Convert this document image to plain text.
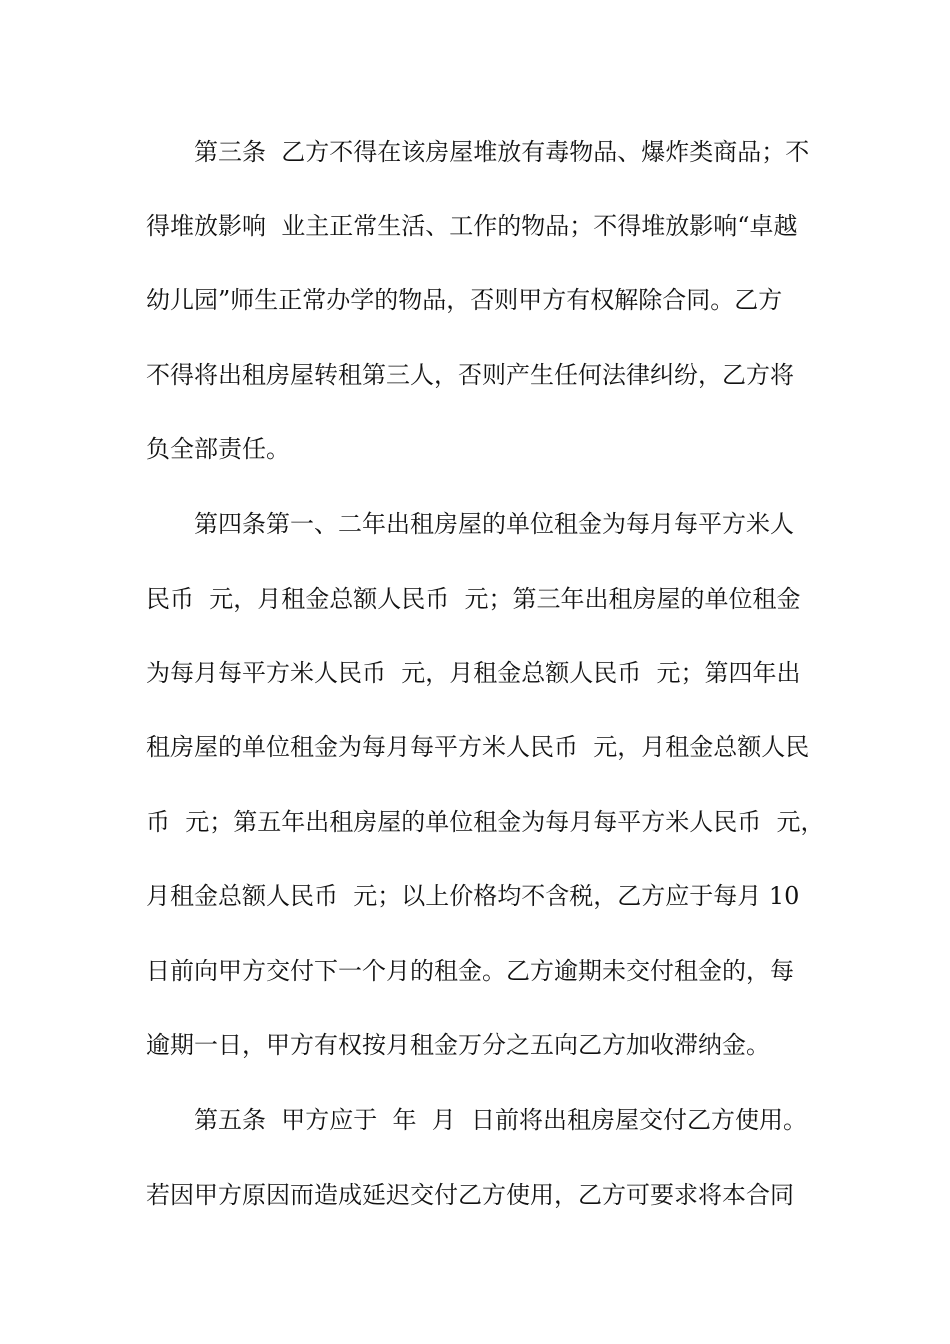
第三条  乙方不得在该房屋堆放有毒物品、爆炸类商品；不

得堆放影响  业主正常生活、工作的物品；不得堆放影响“卓越

幼儿园”师生正常办学的物品，否则甲方有权解除合同。乙方

不得将出租房屋转租第三人，否则产生任何法律纠纷，乙方将

负全部责任。

第四条第一、二年出租房屋的单位租金为每月每平方米人

民币  元，月租金总额人民币  元；第三年出租房屋的单位租金

为每月每平方米人民币  元，月租金总额人民币  元；第四年出

租房屋的单位租金为每月每平方米人民币  元，月租金总额人民

币  元；第五年出租房屋的单位租金为每月每平方米人民币  元，

月租金总额人民币  元；以上价格均不含税，乙方应于每月 10

日前向甲方交付下一个月的租金。乙方逾期未交付租金的，每

逾期一日，甲方有权按月租金万分之五向乙方加收滞纳金。

第五条  甲方应于  年  月  日前将出租房屋交付乙方使用。

若因甲方原因而造成延迟交付乙方使用，乙方可要求将本合同
